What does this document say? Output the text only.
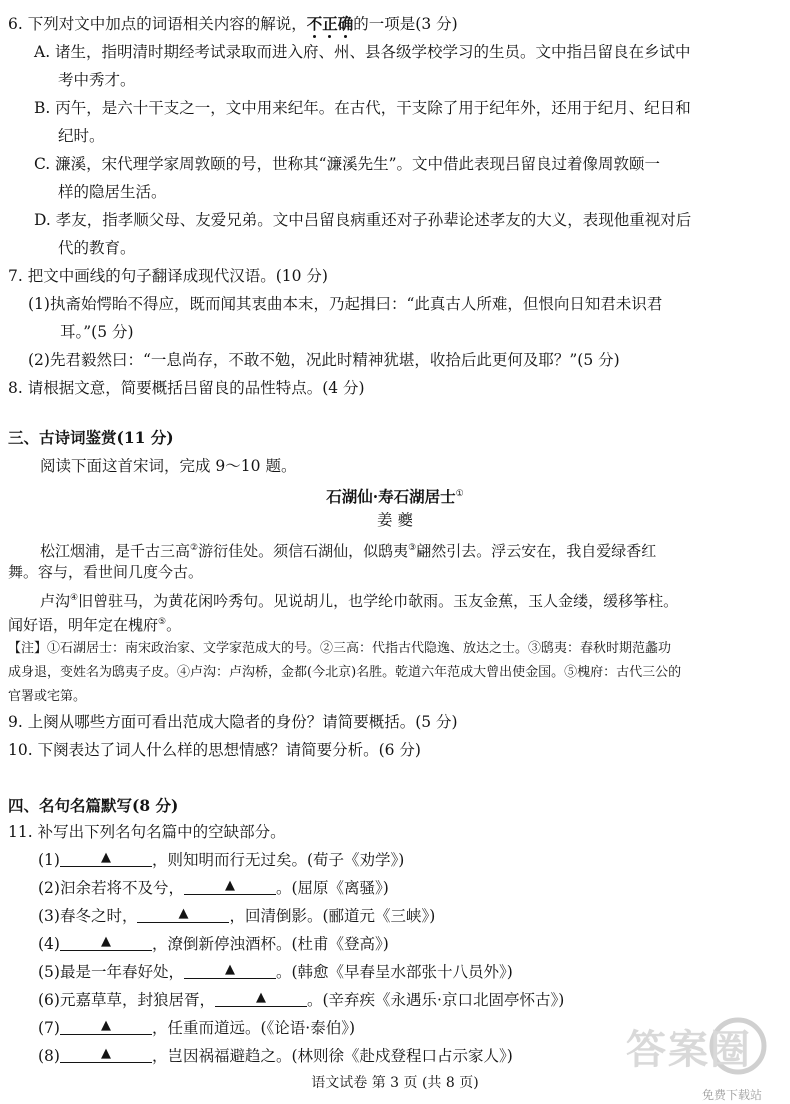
6. 下列对文中加点的词语相关内容的解说，不正确的一项是(3 分)
A. 诸生，指明清时期经考试录取而进入府、州、县各级学校学习的生员。文中指吕留良在乡试中
考中秀才。
B. 丙午，是六十干支之一，文中用来纪年。在古代，干支除了用于纪年外，还用于纪月、纪日和
纪时。
C. 濂溪，宋代理学家周敦颐的号，世称其“濂溪先生”。文中借此表现吕留良过着像周敦颐一
样的隐居生活。
D. 孝友，指孝顺父母、友爱兄弟。文中吕留良病重还对子孙辈论述孝友的大义，表现他重视对后
代的教育。
7. 把文中画线的句子翻译成现代汉语。(10 分)
(1)执斋始愕眙不得应，既而闻其衷曲本末，乃起揖曰：“此真古人所难，但恨向日知君未识君
耳。”(5 分)
(2)先君毅然曰：“一息尚存，不敢不勉，况此时精神犹堪，收拾后此更何及耶？”(5 分)
8. 请根据文意，简要概括吕留良的品性特点。(4 分)
三、古诗词鉴赏(11 分)
阅读下面这首宋词，完成 9～10 题。
石湖仙·寿石湖居士①
姜 夔
松江烟浦，是千古三高②游衍佳处。须信石湖仙，似鸱夷③翩然引去。浮云安在，我自爱绿香红
舞。容与，看世间几度今古。
卢沟④旧曾驻马，为黄花闲吟秀句。见说胡儿，也学纶巾欹雨。玉友金蕉，玉人金缕，缓移筝柱。
闻好语，明年定在槐府⑤。
【注】①石湖居士：南宋政治家、文学家范成大的号。②三高：代指古代隐逸、放达之士。③鸱夷：春秋时期范蠡功
成身退，变姓名为鸱夷子皮。④卢沟：卢沟桥，金都(今北京)名胜。乾道六年范成大曾出使金国。⑤槐府：古代三公的
官署或宅第。
9. 上阕从哪些方面可看出范成大隐者的身份？请简要概括。(5 分)
10. 下阕表达了词人什么样的思想情感？请简要分析。(6 分)
四、名句名篇默写(8 分)
11. 补写出下列名句名篇中的空缺部分。
(1)	▲	，则知明而行无过矣。(荀子《劝学》)
(2)汩余若将不及兮，	▲	。(屈原《离骚》)
(3)春冬之时，	▲	，回清倒影。(郦道元《三峡》)
(4)	▲	，潦倒新停浊酒杯。(杜甫《登高》)
(5)最是一年春好处，	▲	。(韩愈《早春呈水部张十八员外》)
(6)元嘉草草，封狼居胥，	▲	。(辛弃疾《永遇乐·京口北固亭怀古》)
(7)	▲	，任重而道远。(《论语·泰伯》)
(8)	▲	，岂因祸福避趋之。(林则徐《赴戍登程口占示家人》)
语文试卷 第 3 页 (共 8 页)
答案圈
免费下载站
